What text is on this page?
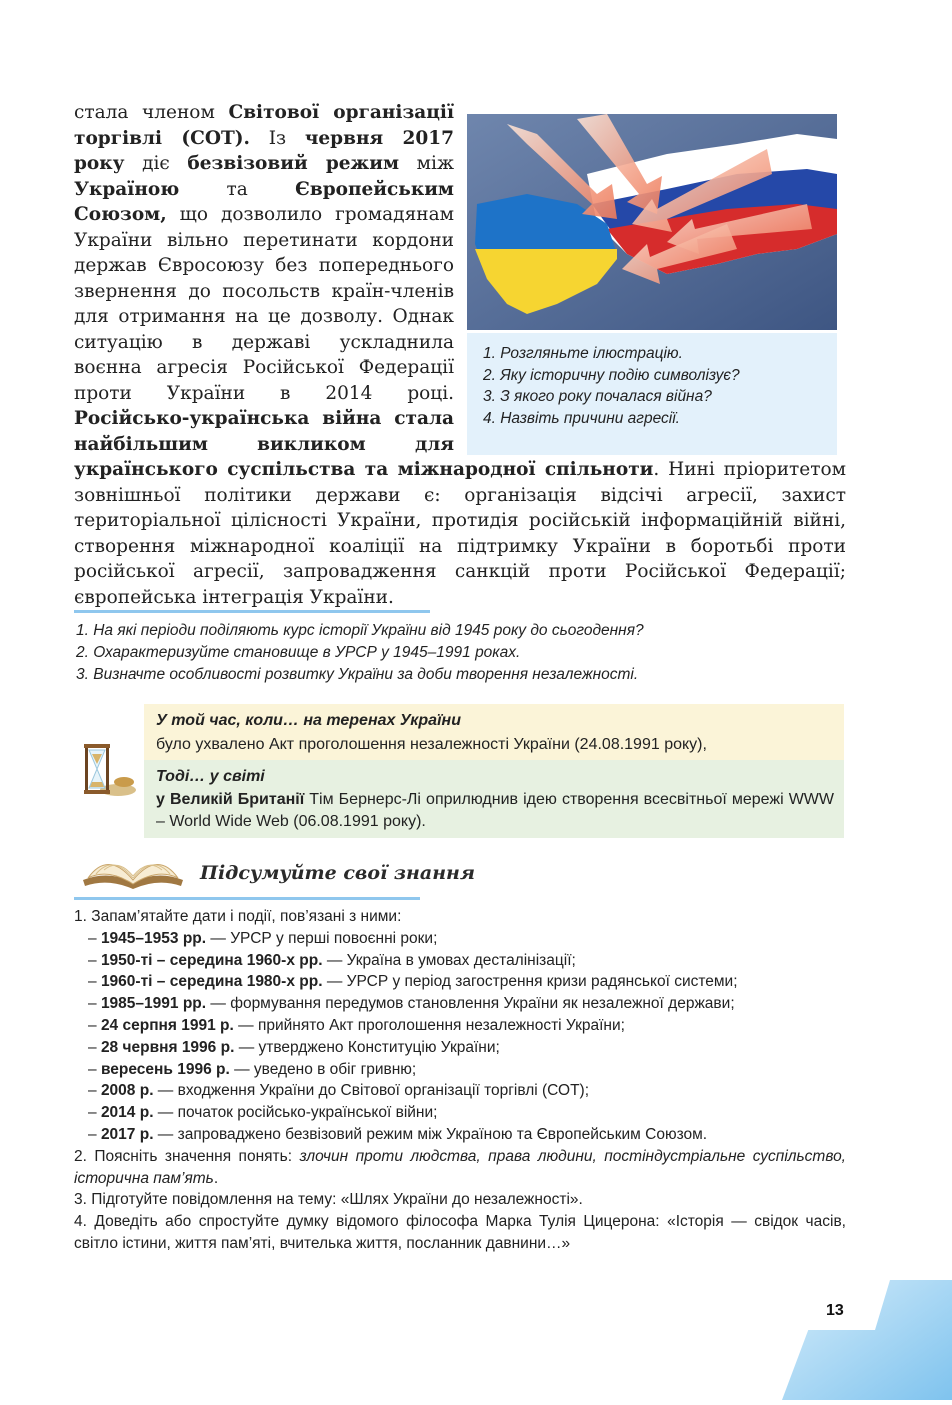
1. Розгляньте ілюстрацію.
2. Яку історичну подію символізує?
3. З якого року почалася війна?
4. Назвіть причини агресії.
стала членом Світової організації торгівлі (СОТ). Із червня 2017 року діє безвізовий режим між Україною та Європейським Союзом, що дозволило громадянам України вільно перетинати кордони держав Євросоюзу без попереднього звернення до посольств країн-членів для отримання на це дозволу. Однак ситуацію в державі ускладнила воєнна агресія Російської Федерації проти України в 2014 році. Російсько-українська війна стала найбільшим викликом для українського суспільства та міжнародної спільноти. Нині пріоритетом зовнішньої політики держави є: організація відсічі агресії, захист територіальної цілісності України, протидія російській інформаційній війні, створення міжнародної коаліції на підтримку України в боротьбі проти російської агресії, запровадження санкцій проти Російської Федерації; європейська інтеграція України.
1. На які періоди поділяють курс історії України від 1945 року до сьогодення?
2. Охарактеризуйте становище в УРСР у 1945–1991 роках.
3. Визначте особливості розвитку України за доби творення незалежності.
У той час, коли… на теренах України
було ухвалено Акт проголошення незалежності України (24.08.1991 року),
Тоді… у світі
у Великій Британії Тім Бернерс-Лі оприлюднив ідею створення всесвітньої мережі WWW – World Wide Web (06.08.1991 року).
Підсумуйте свої знання
1. Запам’ятайте дати і події, пов’язані з ними:
– 1945–1953 рр. — УРСР у перші повоєнні роки;
– 1950-ті – середина 1960-х рр. — Україна в умовах десталінізації;
– 1960-ті – середина 1980-х рр. — УРСР у період загострення кризи радянської системи;
– 1985–1991 рр. — формування передумов становлення України як незалежної держави;
– 24 серпня 1991 р. — прийнято Акт проголошення незалежності України;
– 28 червня 1996 р. — утверджено Конституцію України;
– вересень 1996 р. — уведено в обіг гривню;
– 2008 р. — входження України до Світової організації торгівлі (СОТ);
– 2014 р. — початок російсько-української війни;
– 2017 р. — запроваджено безвізовий режим між Україною та Європейським Союзом.
2. Поясніть значення понять: злочин проти людства, права людини, постіндустріальне суспільство, історична пам’ять.
3. Підготуйте повідомлення на тему: «Шлях України до незалежності».
4. Доведіть або спростуйте думку відомого філософа Марка Тулія Цицерона: «Історія — свідок часів, світло істини, життя пам’яті, вчителька життя, посланник давнини…»
13
